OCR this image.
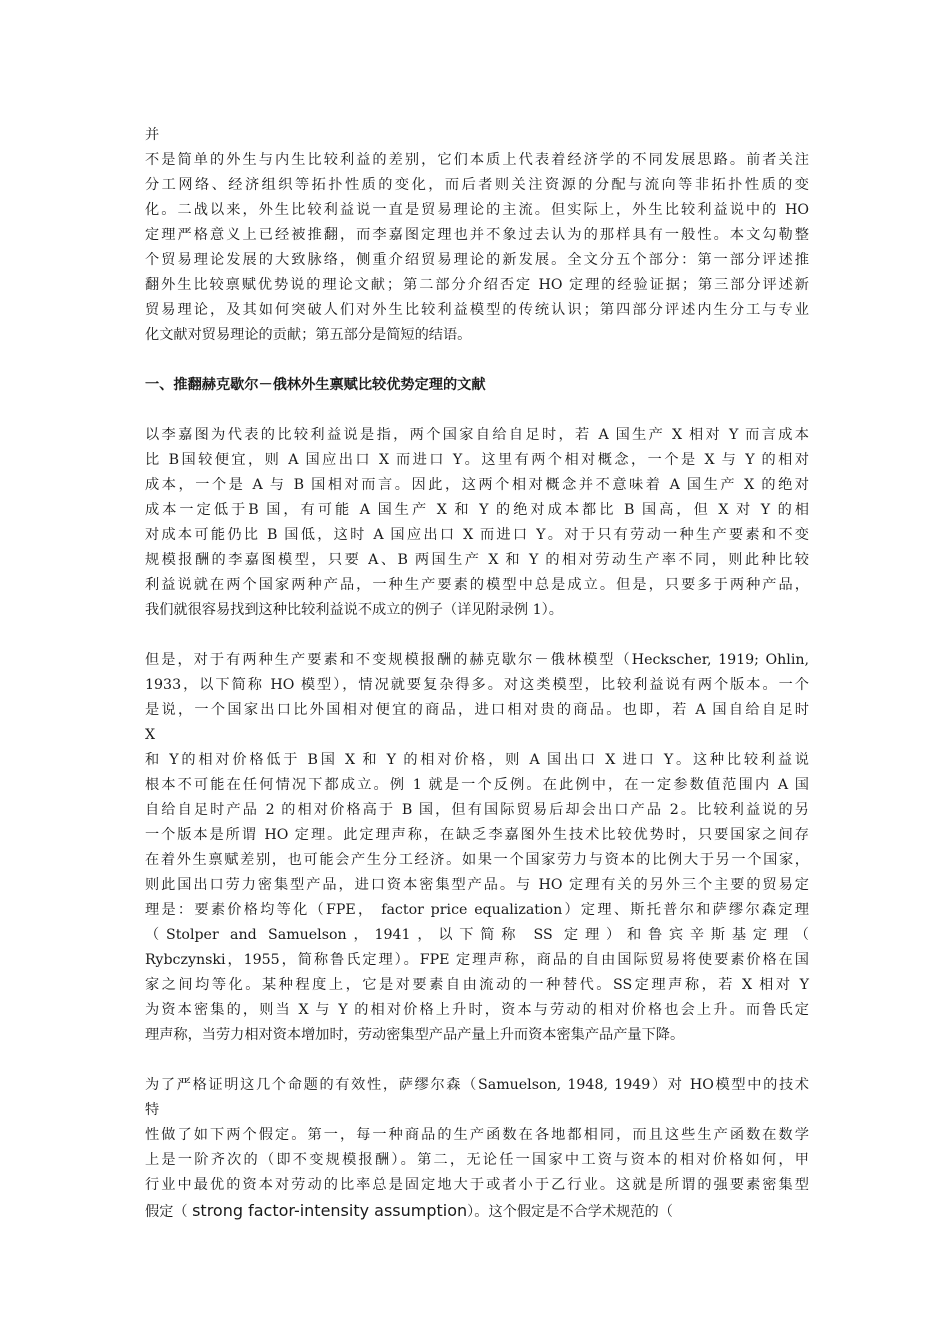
并
不是简单的外生与内生比较利益的差别，它们本质上代表着经济学的不同发展思路。前者关注
分工网络、经济组织等拓扑性质的变化，而后者则关注资源的分配与流向等非拓扑性质的变
化。二战以来，外生比较利益说一直是贸易理论的主流。但实际上，外生比较利益说中的 HO
定理严格意义上已经被推翻，而李嘉图定理也并不象过去认为的那样具有一般性。本文勾勒整
个贸易理论发展的大致脉络，侧重介绍贸易理论的新发展。全文分五个部分：第一部分评述推
翻外生比较禀赋优势说的理论文献；第二部分介绍否定 HO 定理的经验证据；第三部分评述新
贸易理论，及其如何突破人们对外生比较利益模型的传统认识；第四部分评述内生分工与专业
化文献对贸易理论的贡献；第五部分是简短的结语。
一、推翻赫克歇尔－俄林外生禀赋比较优势定理的文献
以李嘉图为代表的比较利益说是指，两个国家自给自足时，若 A 国生产 X 相对 Y 而言成本
比 B国较便宜，则 A 国应出口 X 而进口 Y。这里有两个相对概念，一个是 X 与 Y 的相对
成本，一个是 A 与 B 国相对而言。因此，这两个相对概念并不意味着 A 国生产 X 的绝对
成本一定低于B 国，有可能 A 国生产 X 和 Y 的绝对成本都比 B 国高，但 X 对 Y 的相
对成本可能仍比 B 国低，这时 A 国应出口 X 而进口 Y。对于只有劳动一种生产要素和不变
规模报酬的李嘉图模型，只要 A、B 两国生产 X 和 Y 的相对劳动生产率不同，则此种比较
利益说就在两个国家两种产品，一种生产要素的模型中总是成立。但是，只要多于两种产品，
我们就很容易找到这种比较利益说不成立的例子（详见附录例 1）。
但是，对于有两种生产要素和不变规模报酬的赫克歇尔－俄林模型（Heckscher, 1919; Ohlin,
1933，以下简称 HO 模型），情况就要复杂得多。对这类模型，比较利益说有两个版本。一个
是说，一个国家出口比外国相对便宜的商品，进口相对贵的商品。也即，若 A 国自给自足时
X
和 Y的相对价格低于 B国 X 和 Y 的相对价格，则 A 国出口 X 进口 Y。这种比较利益说
根本不可能在任何情况下都成立。例 1 就是一个反例。在此例中，在一定参数值范围内 A 国
自给自足时产品 2 的相对价格高于 B 国，但有国际贸易后却会出口产品 2。比较利益说的另
一个版本是所谓 HO 定理。此定理声称，在缺乏李嘉图外生技术比较优势时，只要国家之间存
在着外生禀赋差别，也可能会产生分工经济。如果一个国家劳力与资本的比例大于另一个国家，
则此国出口劳力密集型产品，进口资本密集型产品。与 HO 定理有关的另外三个主要的贸易定
理是：要素价格均等化（FPE， factor price equalization）定理、斯托普尔和萨缪尔森定理
（Stolper and Samuelson，1941，以下简称 SS 定理）和鲁宾辛斯基定理（
Rybczynski，1955，简称鲁氏定理）。FPE 定理声称，商品的自由国际贸易将使要素价格在国
家之间均等化。某种程度上，它是对要素自由流动的一种替代。SS定理声称，若 X 相对 Y
为资本密集的，则当 X 与 Y 的相对价格上升时，资本与劳动的相对价格也会上升。而鲁氏定
理声称，当劳力相对资本增加时，劳动密集型产品产量上升而资本密集产品产量下降。
为了严格证明这几个命题的有效性，萨缪尔森（Samuelson, 1948, 1949）对 HO模型中的技术
特
性做了如下两个假定。第一，每一种商品的生产函数在各地都相同，而且这些生产函数在数学
上是一阶齐次的（即不变规模报酬）。第二，无论任一国家中工资与资本的相对价格如何，甲
行业中最优的资本对劳动的比率总是固定地大于或者小于乙行业。这就是所谓的强要素密集型
假定（ strong factor-intensity assumption）。这个假定是不合学术规范的（
